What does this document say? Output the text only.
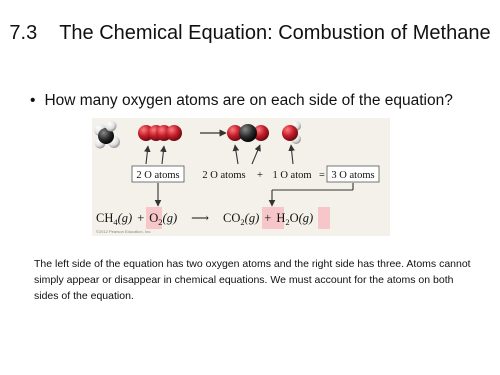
7.3 The Chemical Equation: Combustion of Methane
• How many oxygen atoms are on each side of the equation?
2 O atoms 2 O atoms + 1 O atom = 3 O atoms
$CH_4(g) + O_2(g)$ ⟶ $CO_2(g) + H_2O(g)$
©2012 Pearson Education, Inc.
The left side of the equation has two oxygen atoms and the right side has three. Atoms cannot simply appear or disappear in chemical equations. We must account for the atoms on both sides of the equation.
